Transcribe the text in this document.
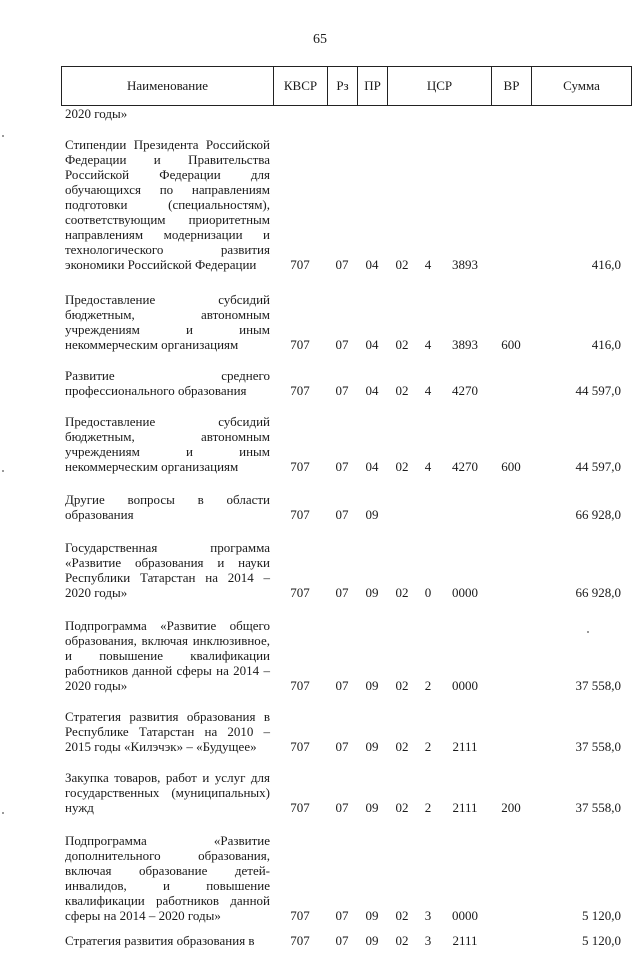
65
Наименование	КВСР	Рз	ПР	ЦСР	ВР	Сумма
2020 годы»								
Стипендии Президента Российской Федерации и Правительства Российской Федерации для обучающихся по направлениям подготовки (специальностям), соответствующим приоритетным направлениям модернизации и технологического развития экономики Российской Федерации	707	07	04	02	4	3893		416,0
Предоставление субсидий бюджетным, автономным учреждениям и иным некоммерческим организациям	707	07	04	02	4	3893	600	416,0
Развитие среднего профессионального образования	707	07	04	02	4	4270		44 597,0
Предоставление субсидий бюджетным, автономным учреждениям и иным некоммерческим организациям	707	07	04	02	4	4270	600	44 597,0
Другие вопросы в области образования	707	07	09					66 928,0
Государственная программа «Развитие образования и науки Республики Татарстан на 2014 – 2020 годы»	707	07	09	02	0	0000		66 928,0
Подпрограмма «Развитие общего образования, включая инклюзивное, и повышение квалификации работников данной сферы на 2014 – 2020 годы»	707	07	09	02	2	0000		37 558,0
Стратегия развития образования в Республике Татарстан на 2010 – 2015 годы «Килэчэк» – «Будущее»	707	07	09	02	2	2111		37 558,0
Закупка товаров, работ и услуг для государственных (муниципальных) нужд	707	07	09	02	2	2111	200	37 558,0
Подпрограмма «Развитие дополнительного образования, включая образование детей-инвалидов, и повышение квалификации работников данной сферы на 2014 – 2020 годы»	707	07	09	02	3	0000		5 120,0
Стратегия развития образования в	707	07	09	02	3	2111		5 120,0
